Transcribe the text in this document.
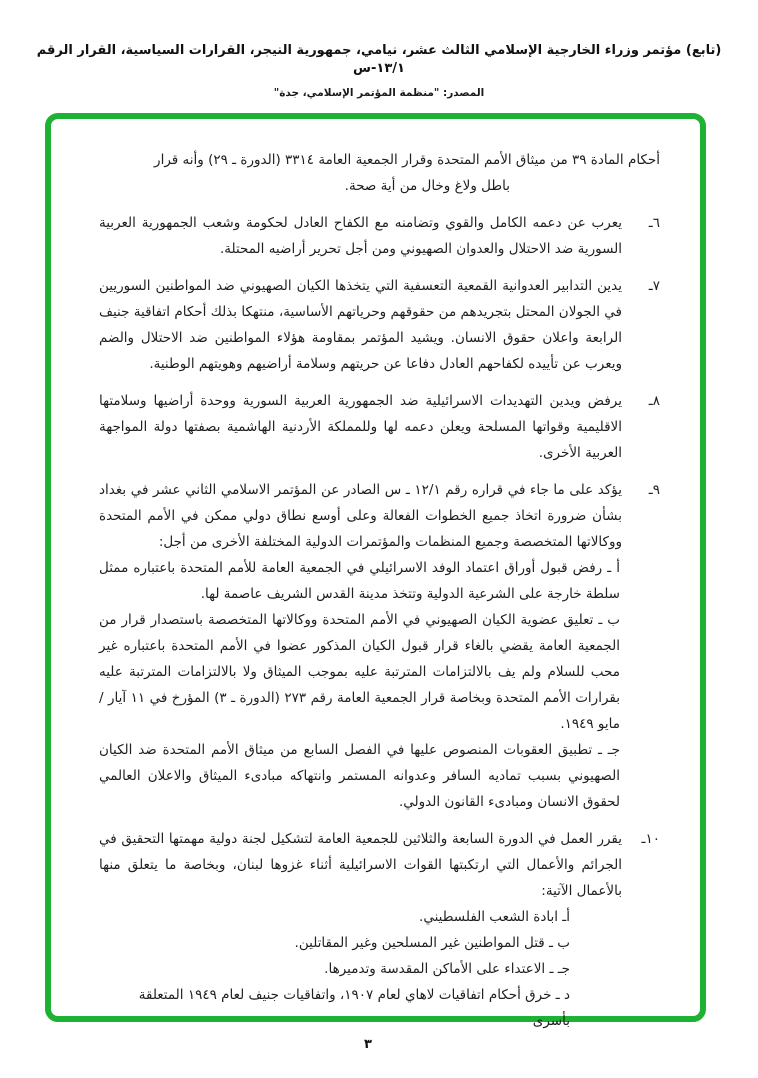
(تابع) مؤتمر وزراء الخارجية الإسلامي الثالث عشر، نيامي، جمهورية النيجر، القرارات السياسية، القرار الرقم ١٣/١-س
المصدر: "منظمة المؤتمر الإسلامي، جدة"
أحكام المادة ٣٩ من ميثاق الأمم المتحدة وقرار الجمعية العامة ٣٣١٤ (الدورة ـ ٢٩) وأنه قرار
باطل ولاغ وخال من أية صحة.
٦ـ
يعرب عن دعمه الكامل والقوي وتضامنه مع الكفاح العادل لحكومة وشعب الجمهورية العربية السورية ضد الاحتلال والعدوان الصهيوني ومن أجل تحرير أراضيه المحتلة.
٧ـ
يدين التدابير العدوانية القمعية التعسفية التي يتخذها الكيان الصهيوني ضد المواطنين السوريين في الجولان المحتل بتجريدهم من حقوقهم وحرياتهم الأساسية، منتهكا بذلك أحكام اتفاقية جنيف الرابعة واعلان حقوق الانسان. ويشيد المؤتمر بمقاومة هؤلاء المواطنين ضد الاحتلال والضم ويعرب عن تأييده لكفاحهم العادل دفاعا عن حريتهم وسلامة أراضيهم وهويتهم الوطنية.
٨ـ
يرفض ويدين التهديدات الاسرائيلية ضد الجمهورية العربية السورية ووحدة أراضيها وسلامتها الاقليمية وقواتها المسلحة ويعلن دعمه لها وللمملكة الأردنية الهاشمية بصفتها دولة المواجهة العربية الأخرى.
٩ـ
يؤكد على ما جاء في قراره رقم ١٢/١ ـ س الصادر عن المؤتمر الاسلامي الثاني عشر في بغداد بشأن ضرورة اتخاذ جميع الخطوات الفعالة وعلى أوسع نطاق دولي ممكن في الأمم المتحدة ووكالاتها المتخصصة وجميع المنظمات والمؤتمرات الدولية المختلفة الأخرى من أجل:
أ ـ رفض قبول أوراق اعتماد الوفد الاسرائيلي في الجمعية العامة للأمم المتحدة باعتباره ممثل سلطة خارجة على الشرعية الدولية وتتخذ مدينة القدس الشريف عاصمة لها.
ب ـ تعليق عضوية الكيان الصهيوني في الأمم المتحدة ووكالاتها المتخصصة باستصدار قرار من الجمعية العامة يقضي بالغاء قرار قبول الكيان المذكور عضوا في الأمم المتحدة باعتباره غير محب للسلام ولم يف بالالتزامات المترتبة عليه بموجب الميثاق ولا بالالتزامات المترتبة عليه بقرارات الأمم المتحدة وبخاصة قرار الجمعية العامة رقم ٢٧٣ (الدورة ـ ٣) المؤرخ في ١١ آيار / مايو ١٩٤٩.
جـ ـ تطبيق العقوبات المنصوص عليها في الفصل السابع من ميثاق الأمم المتحدة ضد الكيان الصهيوني بسبب تماديه السافر وعدوانه المستمر وانتهاكه مبادىء الميثاق والاعلان العالمي لحقوق الانسان ومبادىء القانون الدولي.
١٠ـ
يقرر العمل في الدورة السابعة والثلاثين للجمعية العامة لتشكيل لجنة دولية مهمتها التحقيق في الجرائم والأعمال التي ارتكبتها القوات الاسرائيلية أثناء غزوها لبنان، وبخاصة ما يتعلق منها بالأعمال الآتية:
أـ ابادة الشعب الفلسطيني.
ب ـ قتل المواطنين غير المسلحين وغير المقاتلين.
جـ ـ الاعتداء على الأماكن المقدسة وتدميرها.
د ـ خرق أحكام اتفاقيات لاهاي لعام ١٩٠٧، واتفاقيات جنيف لعام ١٩٤٩ المتعلقة بأسرى
٣
